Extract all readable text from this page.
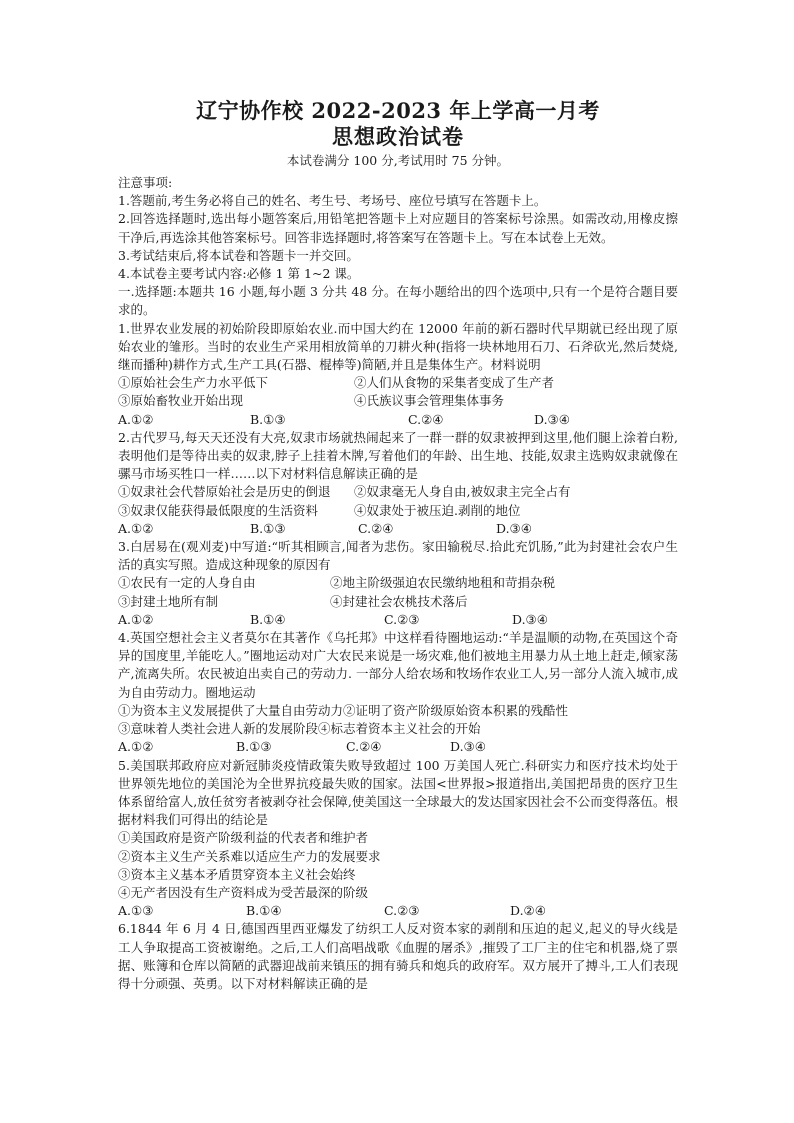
辽宁协作校 2022-2023 年上学高一月考
思想政治试卷
本试卷满分 100 分,考试用时 75 分钟。

注意事项:

1.答题前,考生务必将自己的姓名、考生号、考场号、座位号填写在答题卡上。

2.回答选择题时,选出每小题答案后,用铅笔把答题卡上对应题目的答案标号涂黑。如需改动,用橡皮擦干净后,再选涂其他答案标号。回答非选择题时,将答案写在答题卡上。写在本试卷上无效。

3.考试结束后,将本试卷和答题卡一并交回。

4.本试卷主要考试内容:必修 1 第 1~2 课。

一.选择题:本题共 16 小题,每小题 3 分共 48 分。在每小题给出的四个选项中,只有一个是符合题目要求的。

1.世界农业发展的初始阶段即原始农业.而中国大约在 12000 年前的新石器时代早期就已经出现了原始农业的雏形。当时的农业生产采用相放简单的刀耕火种(指将一块林地用石刀、石斧砍光,然后焚烧,继而播种)耕作方式,生产工具(石器、棍棒等)简陋,并且是集体生产。材料说明

①原始社会生产力水平低下	②人们从食物的采集者变成了生产者
③原始畜牧业开始出现	④氏族议事会管理集体事务
A.①②	B.①③	C.②④	D.③④

2.古代罗马,每天天还没有大亮,奴隶市场就热闹起来了一群一群的奴隶被押到这里,他们腿上涂着白粉,表明他们是等待出卖的奴隶,脖子上挂着木牌,写着他们的年龄、出生地、技能,奴隶主选购奴隶就像在骡马市场买牲口一样……以下对材料信息解读正确的是

①奴隶社会代替原始社会是历史的倒退	②奴隶毫无人身自由,被奴隶主完全占有
③奴隶仅能获得最低限度的生活资料	④奴隶处于被压迫.剥削的地位
A.①②	B.①③	C.②④	D.③④

3.白居易在(观刈麦)中写道:“听其相顾言,闻者为悲伤。家田输税尽.拾此充饥肠,”此为封建社会农户生活的真实写照。造成这种现象的原因有

①农民有一定的人身自由	②地主阶级强迫农民缴纳地租和苛捐杂税
③封建土地所有制	④封建社会农桃技术落后
A.①②	B.①④	C.②③	D.③④

4.英国空想社会主义者莫尔在其著作《乌托邦》中这样看待圈地运动:“羊是温顺的动物,在英国这个奇异的国度里,羊能吃人。”圈地运动对广大农民来说是一场灾难,他们被地主用暴力从土地上赶走,倾家荡产,流离失所。农民被迫出卖自己的劳动力. 一部分人给农场和牧场作农业工人,另一部分人流入城市,成为自由劳动力。圈地运动

①为资本主义发展提供了大量自由劳动力 ②证明了资产阶级原始资本积累的残酷性
③意味着人类社会进人新的发展阶段 ④标志着资本主义社会的开始
A.①②	B.①③	C.②④	D.③④

5.美国联邦政府应对新冠肺炎疫情政策失败导致超过 100 万美国人死亡.科研实力和医疗技术均处于世界领先地位的美国沦为全世界抗疫最失败的国家。法国<世界报>报道指出,美国把昂贵的医疗卫生体系留给富人,放任贫穷者被剥夺社会保障,使美国这一全球最大的发达国家因社会不公而变得落伍。根据材料我们可得出的结论是

①美国政府是资产阶级利益的代表者和维护者

②资本主义生产关系难以适应生产力的发展要求

③资本主义基本矛盾贯穿资本主义社会始终

④无产者因没有生产资料成为受苦最深的阶级

A.①③	B.①④	C.②③	D.②④

6.1844 年 6 月 4 日,德国西里西亚爆发了纺织工人反对资本家的剥削和压迫的起义,起义的导火线是工人争取提高工资被谢绝。之后,工人们高唱战歌《血腥的屠杀》,摧毁了工厂主的住宅和机器,烧了票据、账簿和仓库以简陋的武器迎战前来镇压的拥有骑兵和炮兵的政府军。双方展开了搏斗,工人们表现得十分顽强、英勇。以下对材料解读正确的是
